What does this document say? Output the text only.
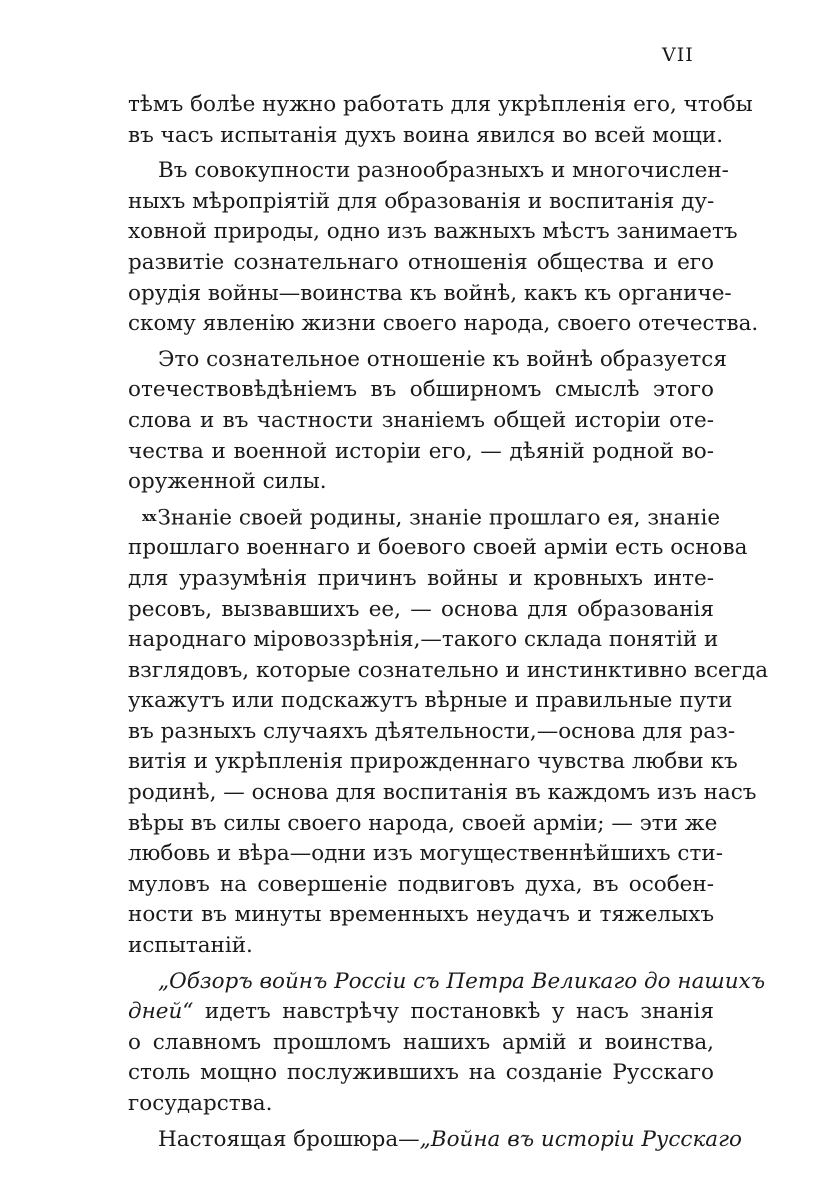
VII
тѣмъ болѣе нужно работать для укрѣпленія его, чтобы
въ часъ испытанія духъ воина явился во всей мощи.
Въ совокупности разнообразныхъ и многочислен-
ныхъ мѣропріятій для образованія и воспитанія ду-
ховной природы, одно изъ важныхъ мѣстъ занимаетъ
развитіе сознательнаго отношенія общества и его
орудія войны—воинства къ войнѣ, какъ къ органиче-
скому явленію жизни своего народа, своего отечества.
Это сознательное отношеніе къ войнѣ образуется
отечествовѣдѣніемъ въ обширномъ смыслѣ этого
слова и въ частности знаніемъ общей исторіи оте-
чества и военной исторіи его, — дѣяній родной во-
оруженной силы.
xxЗнаніе своей родины, знаніе прошлаго ея, знаніе
прошлаго военнаго и боевого своей арміи есть основа
для уразумѣнія причинъ войны и кровныхъ инте-
ресовъ, вызвавшихъ ее, — основа для образованія
народнаго міровоззрѣнія,—такого склада понятій и
взглядовъ, которые сознательно и инстинктивно всегда
укажутъ или подскажутъ вѣрные и правильные пути
въ разныхъ случаяхъ дѣятельности,—основа для раз-
витія и укрѣпленія прирожденнаго чувства любви къ
родинѣ, — основа для воспитанія въ каждомъ изъ насъ
вѣры въ силы своего народа, своей арміи; — эти же
любовь и вѣра—одни изъ могущественнѣйшихъ сти-
муловъ на совершеніе подвиговъ духа, въ особен-
ности въ минуты временныхъ неудачъ и тяжелыхъ
испытаній.
„Обзоръ войнъ Россіи съ Петра Великаго до нашихъ
дней“ идетъ навстрѣчу постановкѣ у насъ знанія
о славномъ прошломъ нашихъ армій и воинства,
столь мощно послужившихъ на созданіе Русскаго
государства.
Настоящая брошюра—„Война въ исторіи Русскаго
